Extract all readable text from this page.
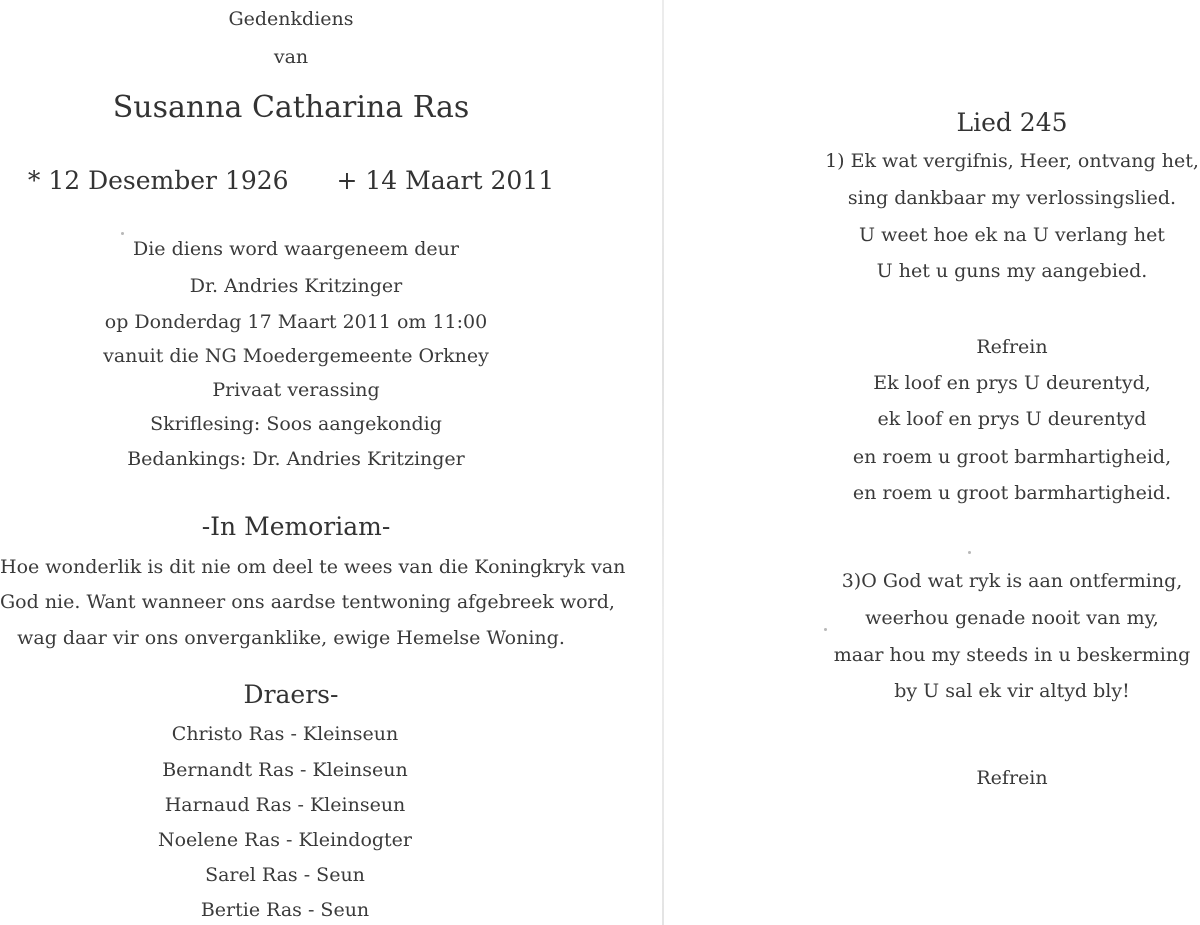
Gedenkdiens
van
Susanna Catharina Ras
* 12 Desember 1926 + 14 Maart 2011
Die diens word waargeneem deur
Dr. Andries Kritzinger
op Donderdag 17 Maart 2011 om 11:00
vanuit die NG Moedergemeente Orkney
Privaat verassing
Skriflesing: Soos aangekondig
Bedankings: Dr. Andries Kritzinger
-In Memoriam-
Hoe wonderlik is dit nie om deel te wees van die Koningkryk van
God nie. Want wanneer ons aardse tentwoning afgebreek word,
wag daar vir ons onverganklike, ewige Hemelse Woning.
Draers-
Christo Ras - Kleinseun
Bernandt Ras - Kleinseun
Harnaud Ras - Kleinseun
Noelene Ras - Kleindogter
Sarel Ras - Seun
Bertie Ras - Seun
Lied 245
1) Ek wat vergifnis, Heer, ontvang het,
sing dankbaar my verlossingslied.
U weet hoe ek na U verlang het
U het u guns my aangebied.
Refrein
Ek loof en prys U deurentyd,
ek loof en prys U deurentyd
en roem u groot barmhartigheid,
en roem u groot barmhartigheid.
3)O God wat ryk is aan ontferming,
weerhou genade nooit van my,
maar hou my steeds in u beskerming
by U sal ek vir altyd bly!
Refrein
